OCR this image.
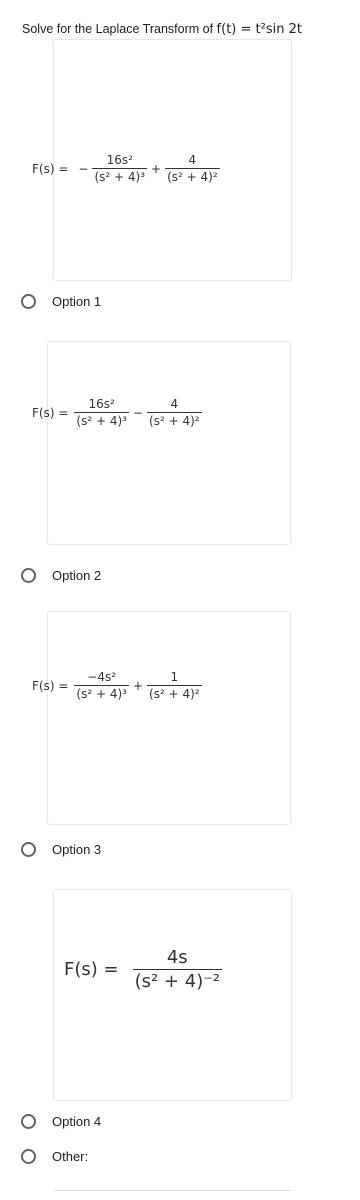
Solve for the Laplace Transform of f(t) = t²sin 2t
F(s) = − $\frac{\text{16s²}}{\text{(s² + 4)³}} + \frac{4}{\text{(s² + 4)²}}$
Option 1
$F(s) = \frac{\text{16s²}}{\text{(s² + 4)³}} - \frac{4}{\text{(s² + 4)²}}$
Option 2
$F(s) = \frac{\text{−4s²}}{\text{(s² + 4)³}} + \frac{1}{\text{(s² + 4)²}}$
Option 3
$F(s) = \frac{4s}{\text{(s² + 4)⁻²}}$
Option 4
Other:
